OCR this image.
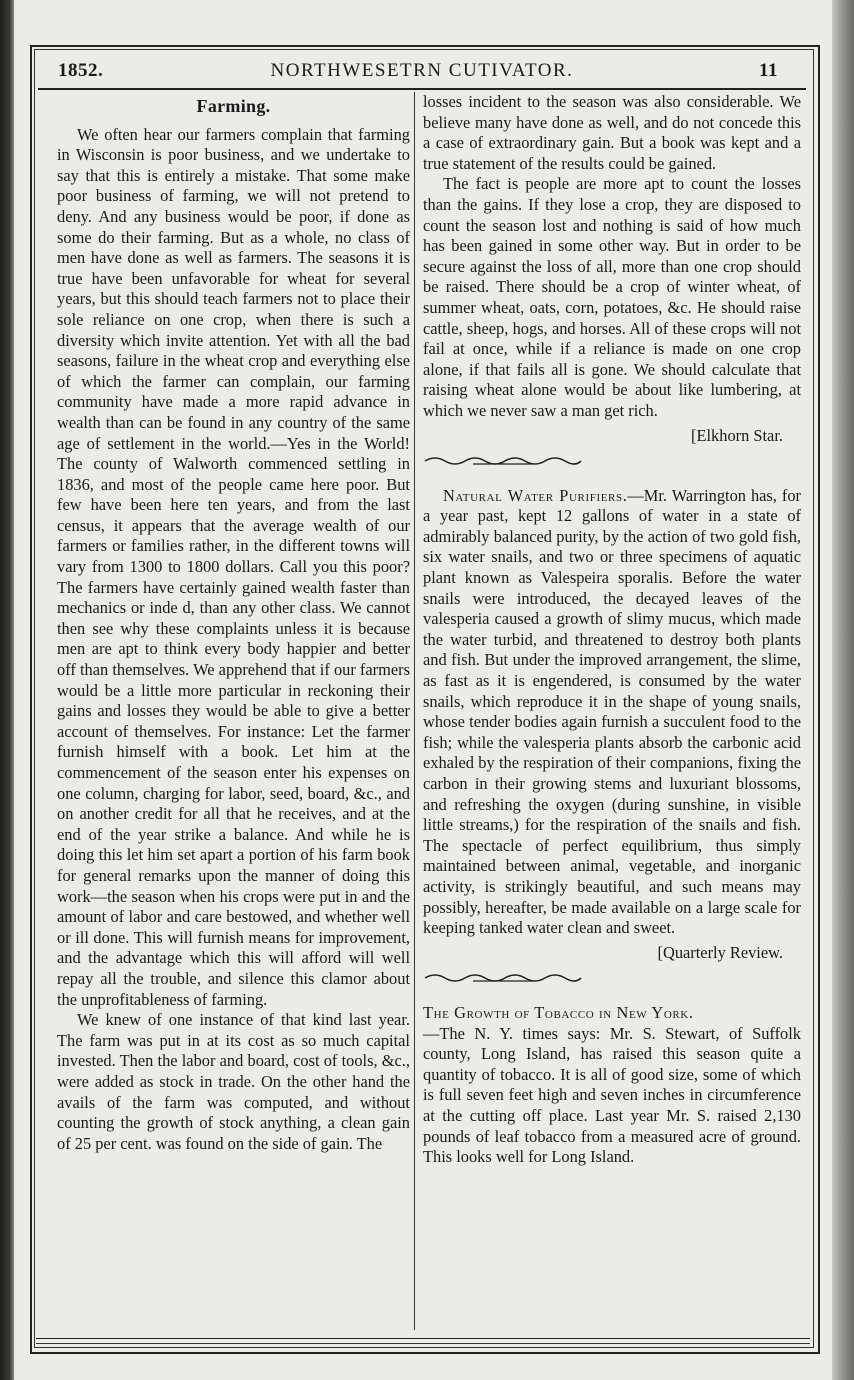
1852.	NORTHWESETRN CUTIVATOR.	11
Farming.

We often hear our farmers complain that farming in Wisconsin is poor business, and we undertake to say that this is entirely a mistake. That some make poor business of farming, we will not pretend to deny. And any business would be poor, if done as some do their farming. But as a whole, no class of men have done as well as farmers. The seasons it is true have been unfavorable for wheat for several years, but this should teach farmers not to place their sole reliance on one crop, when there is such a diversity which invite attention. Yet with all the bad seasons, failure in the wheat crop and everything else of which the farmer can complain, our farming community have made a more rapid advance in wealth than can be found in any country of the same age of settlement in the world.—Yes in the World! The county of Walworth commenced settling in 1836, and most of the people came here poor. But few have been here ten years, and from the last census, it appears that the average wealth of our farmers or families rather, in the different towns will vary from 1300 to 1800 dollars. Call you this poor? The farmers have certainly gained wealth faster than mechanics or inde d, than any other class. We cannot then see why these complaints unless it is because men are apt to think every body happier and better off than themselves. We apprehend that if our farmers would be a little more particular in reckoning their gains and losses they would be able to give a better account of themselves. For instance: Let the farmer furnish himself with a book. Let him at the commencement of the season enter his expenses on one column, charging for labor, seed, board, &c., and on another credit for all that he receives, and at the end of the year strike a balance. And while he is doing this let him set apart a portion of his farm book for general remarks upon the manner of doing this work—the season when his crops were put in and the amount of labor and care bestowed, and whether well or ill done. This will furnish means for improvement, and the advantage which this will afford will well repay all the trouble, and silence this clamor about the unprofitableness of farming.

We knew of one instance of that kind last year. The farm was put in at its cost as so much capital invested. Then the labor and board, cost of tools, &c., were added as stock in trade. On the other hand the avails of the farm was computed, and without counting the growth of stock anything, a clean gain of 25 per cent. was found on the side of gain. The

losses incident to the season was also considerable. We believe many have done as well, and do not concede this a case of extraordinary gain. But a book was kept and a true statement of the results could be gained.

The fact is people are more apt to count the losses than the gains. If they lose a crop, they are disposed to count the season lost and nothing is said of how much has been gained in some other way. But in order to be secure against the loss of all, more than one crop should be raised. There should be a crop of winter wheat, of summer wheat, oats, corn, potatoes, &c. He should raise cattle, sheep, hogs, and horses. All of these crops will not fail at once, while if a reliance is made on one crop alone, if that fails all is gone. We should calculate that raising wheat alone would be about like lumbering, at which we never saw a man get rich.

[Elkhorn Star.

Natural Water Purifiers.—Mr. Warrington has, for a year past, kept 12 gallons of water in a state of admirably balanced purity, by the action of two gold fish, six water snails, and two or three specimens of aquatic plant known as Valespeira sporalis. Before the water snails were introduced, the decayed leaves of the valesperia caused a growth of slimy mucus, which made the water turbid, and threatened to destroy both plants and fish. But under the improved arrangement, the slime, as fast as it is engendered, is consumed by the water snails, which reproduce it in the shape of young snails, whose tender bodies again furnish a succulent food to the fish; while the valesperia plants absorb the carbonic acid exhaled by the respiration of their companions, fixing the carbon in their growing stems and luxuriant blossoms, and refreshing the oxygen (during sunshine, in visible little streams,) for the respiration of the snails and fish. The spectacle of perfect equilibrium, thus simply maintained between animal, vegetable, and inorganic activity, is strikingly beautiful, and such means may possibly, hereafter, be made available on a large scale for keeping tanked water clean and sweet.

[Quarterly Review.

The Growth of Tobacco in New York.
—The N. Y. times says: Mr. S. Stewart, of Suffolk county, Long Island, has raised this season quite a quantity of tobacco. It is all of good size, some of which is full seven feet high and seven inches in circumference at the cutting off place. Last year Mr. S. raised 2,130 pounds of leaf tobacco from a measured acre of ground. This looks well for Long Island.
